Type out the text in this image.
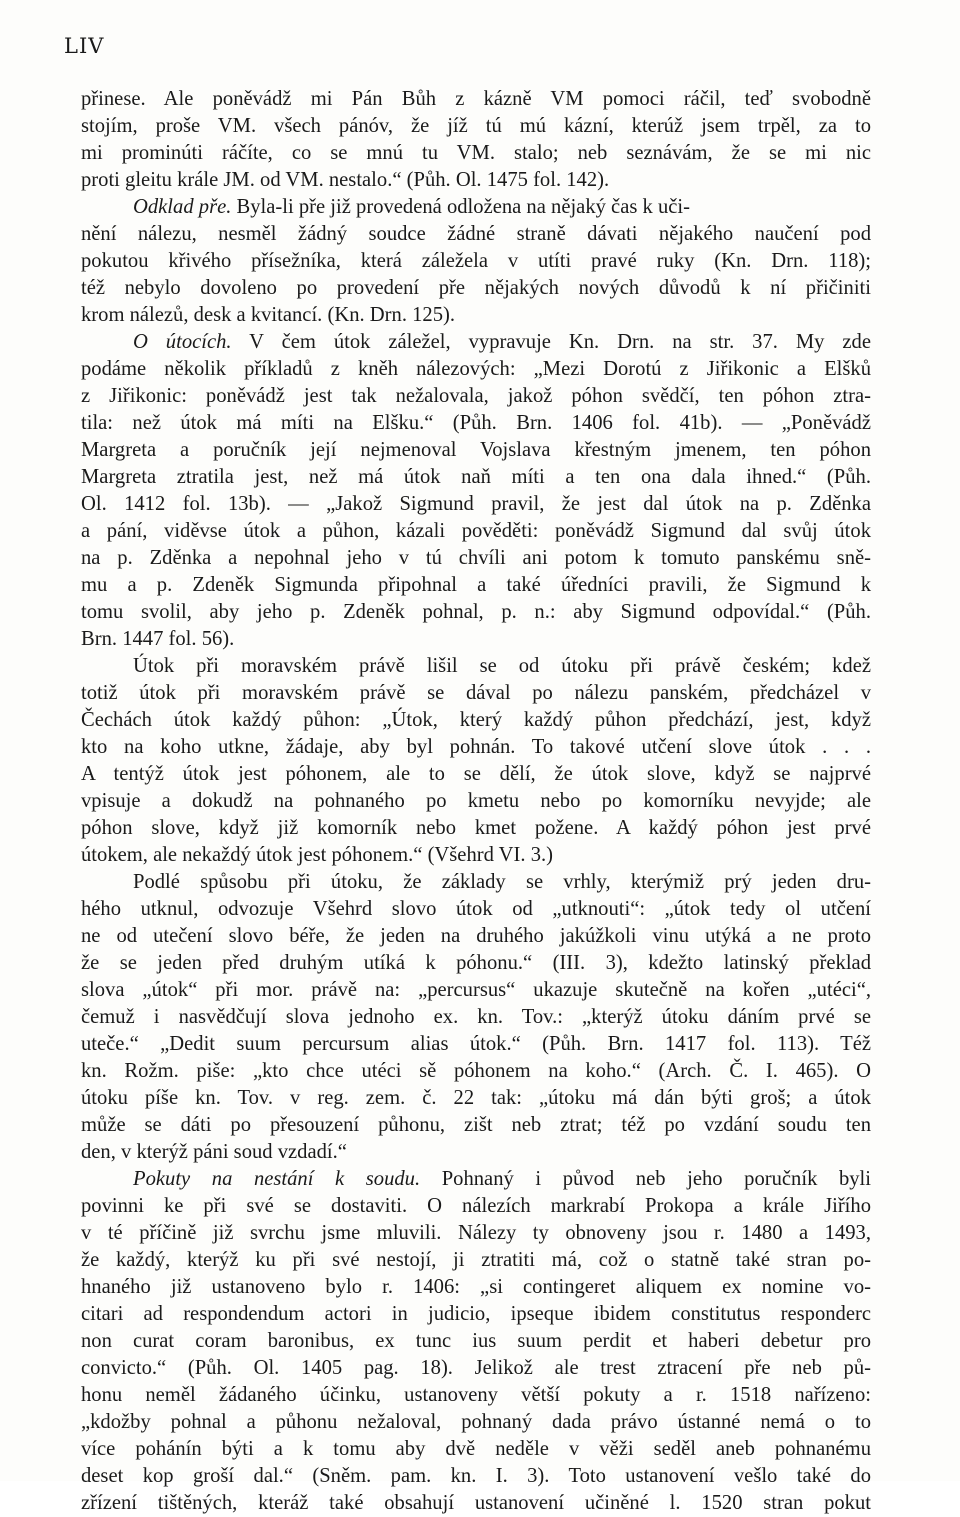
LIV
přinese. Ale poněvádž mi Pán Bůh z kázně VM pomoci ráčil, teď svobodně
stojím, proše VM. všech pánóv, že jíž tú mú kázní, kterúž jsem trpěl, za to
mi prominúti ráčíte, co se mnú tu VM. stalo; neb seznávám, že se mi nic
proti gleitu krále JM. od VM. nestalo.“ (Půh. Ol. 1475 fol. 142).
Odklad pře. Byla-li pře již provedená odložena na nějaký čas k uči-
nění nálezu, nesměl žádný soudce žádné straně dávati nějakého naučení pod
pokutou křivého přísežníka, která záležela v utíti pravé ruky (Kn. Drn. 118);
též nebylo dovoleno po provedení pře nějakých nových důvodů k ní přičiniti
krom nálezů, desk a kvitancí. (Kn. Drn. 125).
O útocích. V čem útok záležel, vypravuje Kn. Drn. na str. 37. My zde
podáme několik příkladů z kněh nálezových: „Mezi Dorotú z Jiřikonic a Elšků
z Jiřikonic: poněvádž jest tak nežalovala, jakož póhon svědčí, ten póhon ztra-
tila: než útok má míti na Elšku.“ (Půh. Brn. 1406 fol. 41b). — „Poněvádž
Margreta a poručník její nejmenoval Vojslava křestným jmenem, ten póhon
Margreta ztratila jest, než má útok naň míti a ten ona dala ihned.“ (Půh.
Ol. 1412 fol. 13b). — „Jakož Sigmund pravil, že jest dal útok na p. Zděnka
a pání, viděvse útok a půhon, kázali pověděti: poněvádž Sigmund dal svůj útok
na p. Zděnka a nepohnal jeho v tú chvíli ani potom k tomuto panskému sně-
mu a p. Zdeněk Sigmunda připohnal a také úředníci pravili, že Sigmund k
tomu svolil, aby jeho p. Zdeněk pohnal, p. n.: aby Sigmund odpovídal.“ (Půh.
Brn. 1447 fol. 56).
Útok při moravském právě lišil se od útoku při právě českém; kdež
totiž útok při moravském právě se dával po nálezu panském, předcházel v
Čechách útok každý půhon: „Útok, který každý půhon předchází, jest, když
kto na koho utkne, žádaje, aby byl pohnán. To takové utčení slove útok . . .
A tentýž útok jest póhonem, ale to se dělí, že útok slove, když se najprvé
vpisuje a dokudž na pohnaného po kmetu nebo po komorníku nevyjde; ale
póhon slove, když již komorník nebo kmet požene. A každý póhon jest prvé
útokem, ale nekaždý útok jest póhonem.“ (Všehrd VI. 3.)
Podlé spůsobu při útoku, že základy se vrhly, kterýmiž prý jeden dru-
hého utknul, odvozuje Všehrd slovo útok od „utknouti“: „útok tedy ol utčení
ne od utečení slovo béře, že jeden na druhého jakúžkoli vinu utýká a ne proto
že se jeden před druhým utíká k póhonu.“ (III. 3), kdežto latinský překlad
slova „útok“ při mor. právě na: „percursus“ ukazuje skutečně na kořen „utéci“,
čemuž i nasvědčují slova jednoho ex. kn. Tov.: „kterýž útoku dáním prvé se
uteče.“ „Dedit suum percursum alias útok.“ (Půh. Brn. 1417 fol. 113). Též
kn. Rožm. piše: „kto chce utéci sě póhonem na koho.“ (Arch. Č. I. 465). O
útoku píše kn. Tov. v reg. zem. č. 22 tak: „útoku má dán býti groš; a útok
může se dáti po přesouzení půhonu, zišt neb ztrat; též po vzdání soudu ten
den, v kterýž páni soud vzdadí.“
Pokuty na nestání k soudu. Pohnaný i původ neb jeho poručník byli
povinni ke při své se dostaviti. O nálezích markrabí Prokopa a krále Jiřího
v té příčině již svrchu jsme mluvili. Nálezy ty obnoveny jsou r. 1480 a 1493,
že každý, kterýž ku při své nestojí, ji ztratiti má, což o statně také stran po-
hnaného již ustanoveno bylo r. 1406: „si contingeret aliquem ex nomine vo-
citari ad respondendum actori in judicio, ipseque ibidem constitutus responderc
non curat coram baronibus, ex tunc ius suum perdit et haberi debetur pro
convicto.“ (Půh. Ol. 1405 pag. 18). Jelikož ale trest ztracení pře neb pů-
honu neměl žádaného účinku, ustanoveny větší pokuty a r. 1518 nařízeno:
„kdožby pohnal a půhonu nežaloval, pohnaný dada právo ústanné nemá o to
více pohánín býti a k tomu aby dvě neděle v věži seděl aneb pohnanému
deset kop groší dal.“ (Sněm. pam. kn. I. 3). Toto ustanovení vešlo také do
zřízení tištěných, kteráž také obsahují ustanovení učiněné l. 1520 stran pokut
